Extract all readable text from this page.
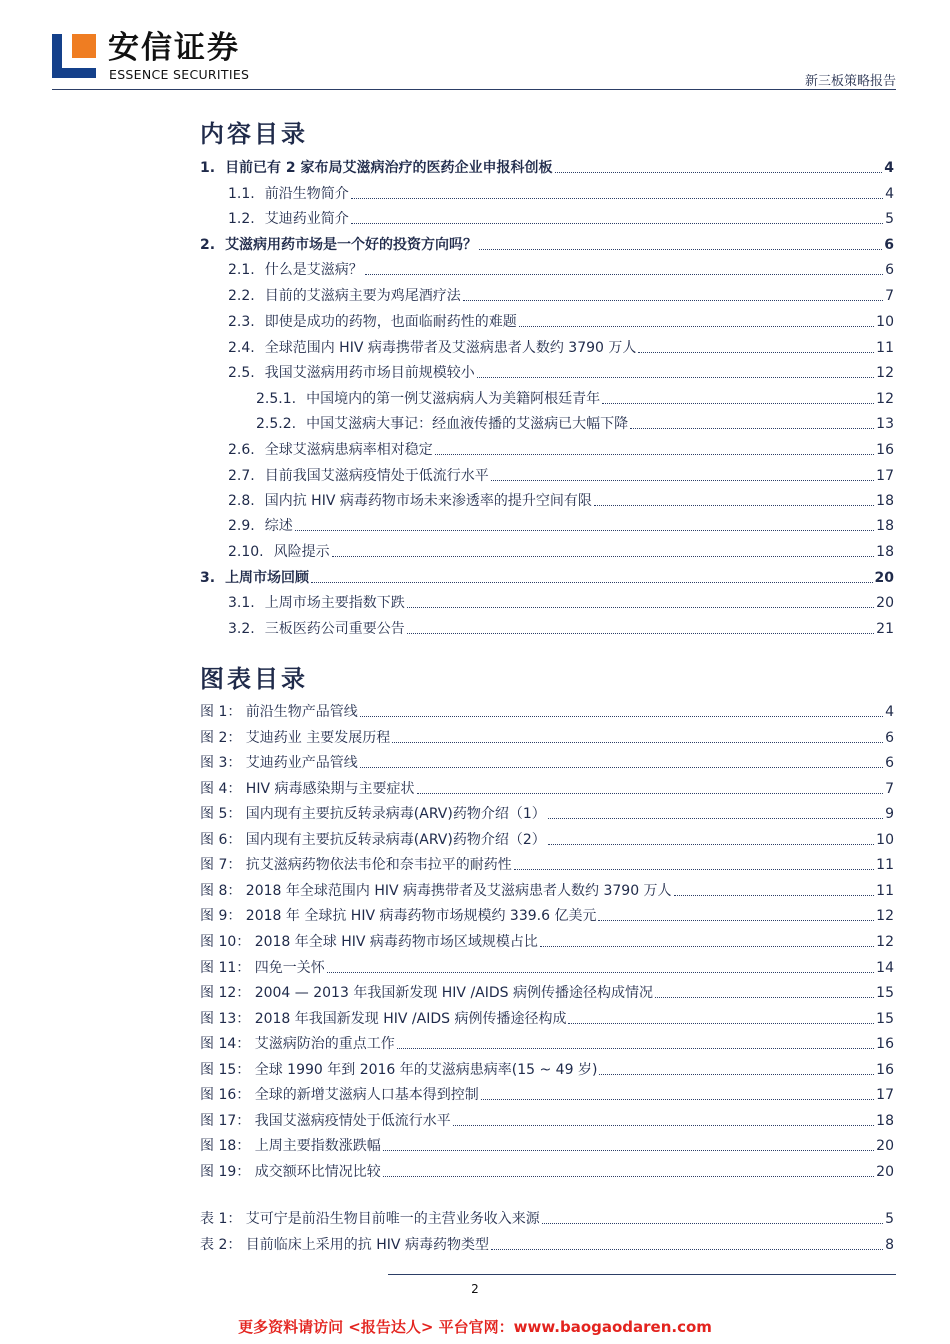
安信证券
ESSENCE SECURITIES	新三板策略报告
内容目录
1. 目前已有 2 家布局艾滋病治疗的医药企业申报科创板	4
1.1. 前沿生物简介	4
1.2. 艾迪药业简介	5
2. 艾滋病用药市场是一个好的投资方向吗？	6
2.1. 什么是艾滋病？	6
2.2. 目前的艾滋病主要为鸡尾酒疗法	7
2.3. 即使是成功的药物，也面临耐药性的难题	10
2.4. 全球范围内 HIV 病毒携带者及艾滋病患者人数约 3790 万人	11
2.5. 我国艾滋病用药市场目前规模较小	12
2.5.1. 中国境内的第一例艾滋病病人为美籍阿根廷青年	12
2.5.2. 中国艾滋病大事记：经血液传播的艾滋病已大幅下降	13
2.6. 全球艾滋病患病率相对稳定	16
2.7. 目前我国艾滋病疫情处于低流行水平	17
2.8. 国内抗 HIV 病毒药物市场未来渗透率的提升空间有限	18
2.9. 综述	18
2.10. 风险提示	18
3. 上周市场回顾	20
3.1. 上周市场主要指数下跌	20
3.2. 三板医药公司重要公告	21
图表目录
图 1： 前沿生物产品管线	4
图 2： 艾迪药业 主要发展历程	6
图 3： 艾迪药业产品管线	6
图 4： HIV 病毒感染期与主要症状	7
图 5： 国内现有主要抗反转录病毒(ARV)药物介绍（1）	9
图 6： 国内现有主要抗反转录病毒(ARV)药物介绍（2）	10
图 7： 抗艾滋病药物依法韦伦和奈韦拉平的耐药性	11
图 8： 2018 年全球范围内 HIV 病毒携带者及艾滋病患者人数约 3790 万人	11
图 9： 2018 年 全球抗 HIV 病毒药物市场规模约 339.6 亿美元	12
图 10： 2018 年全球 HIV 病毒药物市场区域规模占比	12
图 11： 四免一关怀	14
图 12： 2004 — 2013 年我国新发现 HIV /AIDS 病例传播途径构成情况	15
图 13： 2018 年我国新发现 HIV /AIDS 病例传播途径构成	15
图 14： 艾滋病防治的重点工作	16
图 15： 全球 1990 年到 2016 年的艾滋病患病率(15 ~ 49 岁)	16
图 16： 全球的新增艾滋病人口基本得到控制	17
图 17： 我国艾滋病疫情处于低流行水平	18
图 18： 上周主要指数涨跌幅	20
图 19： 成交额环比情况比较	20
表 1： 艾可宁是前沿生物目前唯一的主营业务收入来源	5
表 2： 目前临床上采用的抗 HIV 病毒药物类型	8
2
更多资料请访问 <报告达人> 平台官网：www.baogaodaren.com
